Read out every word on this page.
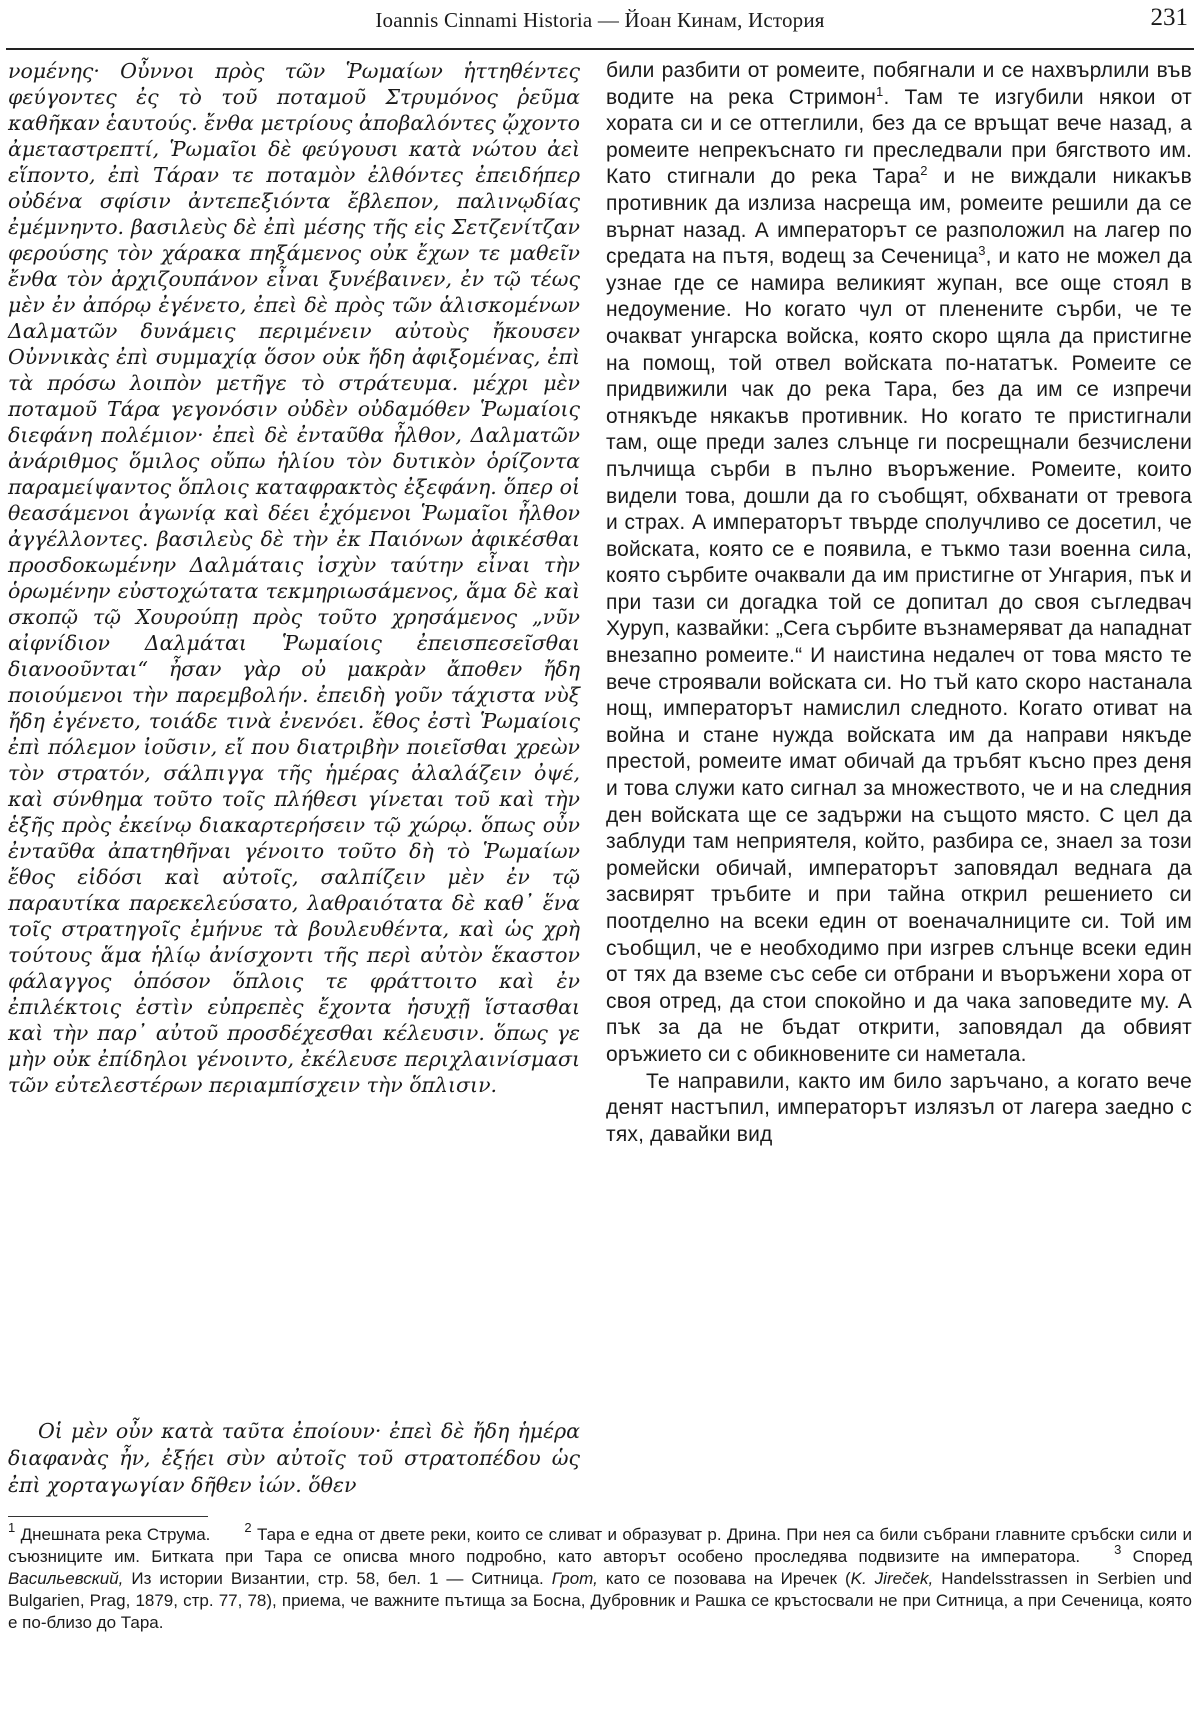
Ioannis Cinnami Historia — Йоан Кинам, История	231

νομένης· Οὖννοι πρὸς τῶν Ῥωμαίων ἡττηθέντες φεύγοντες ἐς τὸ τοῦ ποταμοῦ Στρυμόνος ῥεῦμα καθῆκαν ἑαυτούς. ἔνθα μετρίους ἀποβαλόντες ᾤχοντο ἀμεταστρεπτί, Ῥωμαῖοι δὲ φεύγουσι κατὰ νώτου ἀεὶ εἵποντο, ἐπὶ Τάραν τε ποταμὸν ἐλθόντες ἐπειδήπερ οὐδένα σφίσιν ἀντεπεξιόντα ἔβλεπον, παλινῳδίας ἐμέμνηντο. βασιλεὺς δὲ ἐπὶ μέσης τῆς εἰς Σετζενίτζαν φερούσης τὸν χάρακα πηξάμενος οὐκ ἔχων τε μαθεῖν ἔνθα τὸν ἀρχιζουπάνον εἶναι ξυνέβαινεν, ἐν τῷ τέως μὲν ἐν ἀπόρῳ ἐγένετο, ἐπεὶ δὲ πρὸς τῶν ἁλισκομένων Δαλματῶν δυνάμεις περιμένειν αὐτοὺς ἤκουσεν Οὐννικὰς ἐπὶ συμμαχίᾳ ὅσον οὐκ ἤδη ἀφιξομένας, ἐπὶ τὰ πρόσω λοιπὸν μετῆγε τὸ στράτευμα. μέχρι μὲν ποταμοῦ Τάρα γεγονόσιν οὐδὲν οὐδαμόθεν Ῥωμαίοις διεφάνη πολέμιον· ἐπεὶ δὲ ἐνταῦθα ἦλθον, Δαλματῶν ἀνάριθμος ὅμιλος οὔπω ἡλίου τὸν δυτικὸν ὁρίζοντα παραμείψαντος ὅπλοις καταφρακτὸς ἐξεφάνη. ὅπερ οἱ θεασάμενοι ἀγωνίᾳ καὶ δέει ἐχόμενοι Ῥωμαῖοι ἦλθον ἀγγέλλοντες. βασιλεὺς δὲ τὴν ἐκ Παιόνων ἀφικέσθαι προσδοκωμένην Δαλμάταις ἰσχὺν ταύτην εἶναι τὴν ὁρωμένην εὐστοχώτατα τεκμηριωσάμενος, ἅμα δὲ καὶ σκοπῷ τῷ Χουρούπῃ πρὸς τοῦτο χρησάμενος „νῦν αἰφνίδιον Δαλμάται Ῥωμαίοις ἐπεισπεσεῖσθαι διανοοῦνται“ ἦσαν γὰρ οὐ μακρὰν ἄποθεν ἤδη ποιούμενοι τὴν παρεμβολήν. ἐπειδὴ γοῦν τάχιστα νὺξ ἤδη ἐγένετο, τοιάδε τινὰ ἐνενόει. ἔθος ἐστὶ Ῥωμαίοις ἐπὶ πόλεμον ἰοῦσιν, εἴ που διατριβὴν ποιεῖσθαι χρεὼν τὸν στρατόν, σάλπιγγα τῆς ἡμέρας ἀλαλάζειν ὀψέ, καὶ σύνθημα τοῦτο τοῖς πλήθεσι γίνεται τοῦ καὶ τὴν ἑξῆς πρὸς ἐκείνῳ διακαρτερήσειν τῷ χώρῳ. ὅπως οὖν ἐνταῦθα ἀπατηθῆναι γένοιτο τοῦτο δὴ τὸ Ῥωμαίων ἔθος εἰδόσι καὶ αὐτοῖς, σαλπίζειν μὲν ἐν τῷ παραυτίκα παρεκελεύσατο, λαθραιότατα δὲ καθ᾿ ἕνα τοῖς στρατηγοῖς ἐμήνυε τὰ βουλευθέντα, καὶ ὡς χρὴ τούτους ἅμα ἡλίῳ ἀνίσχοντι τῆς περὶ αὐτὸν ἕκαστον φάλαγγος ὁπόσον ὅπλοις τε φράττοιτο καὶ ἐν ἐπιλέκτοις ἐστὶν εὐπρεπὲς ἔχοντα ἡσυχῇ ἵστασθαι καὶ τὴν παρ᾿ αὐτοῦ προσδέχεσθαι κέλευσιν. ὅπως γε μὴν οὐκ ἐπίδηλοι γένοιντο, ἐκέλευσε περιχλαινίσμασι τῶν εὐτελεστέρων περιαμπίσχειν τὴν ὅπλισιν.

Οἱ μὲν οὖν κατὰ ταῦτα ἐποίουν· ἐπεὶ δὲ ἤδη ἡμέρα διαφανὰς ἦν, ἐξῄει σὺν αὐτοῖς τοῦ στρατοπέδου ὡς ἐπὶ χορταγωγίαν δῆθεν ἰών. ὅθεν

били разбити от ромеите, побягнали и се нахвърлили във водите на река Стримон$^1$. Там те изгубили някои от хората си и се оттеглили, без да се връщат вече назад, а ромеите непрекъснато ги преследвали при бягството им. Като стигнали до река Тара$^2$ и не виждали никакъв противник да излиза насреща им, ромеите решили да се върнат назад. А императорът се разположил на лагер по средата на пътя, водещ за Сеченица$^3$, и като не можел да узнае где се намира великият жупан, все още стоял в недоумение. Но когато чул от пленените сърби, че те очакват унгарска войска, която скоро щяла да пристигне на помощ, той отвел войската по-нататък. Ромеите се придвижили чак до река Тара, без да им се изпречи отнякъде някакъв противник. Но когато те пристигнали там, още преди залез слънце ги посрещнали безчислени пълчища сърби в пълно въоръжение. Ромеите, които видели това, дошли да го съобщят, обхванати от тревога и страх. А императорът твърде сполучливо се досетил, че войската, която се е появила, е тъкмо тази военна сила, която сърбите очаквали да им пристигне от Унгария, пък и при тази си догадка той се допитал до своя съгледвач Хуруп, казвайки: „Сега сърбите възнамеряват да нападнат внезапно ромеите.“ И наистина недалеч от това място те вече строявали войската си. Но тъй като скоро настанала нощ, императорът намислил следното. Когато отиват на война и стане нужда войската им да направи някъде престой, ромеите имат обичай да тръбят късно през деня и това служи като сигнал за множеството, че и на следния ден войската ще се задържи на същото място. С цел да заблуди там неприятеля, който, разбира се, знаел за този ромейски обичай, императорът заповядал веднага да засвирят тръбите и при тайна открил решението си поотделно на всеки един от военачалниците си. Той им съобщил, че е необходимо при изгрев слънце всеки един от тях да вземе със себе си отбрани и въоръжени хора от своя отред, да стои спокойно и да чака заповедите му. А пък за да не бъдат открити, заповядал да обвият оръжието си с обикновените си наметала.

Те направили, както им било заръчано, а когато вече денят настъпил, императорът излязъл от лагера заедно с тях, давайки вид

$^1$ Днешната река Струма.	$^2$ Тара е една от двете реки, които се сливат и образуват р. Дрина. При нея са били събрани главните сръбски сили и съюзниците им. Битката при Тара се описва много подробно, като авторът особено проследява подвизите на императора.	$^3$ Според Васильевский, Из истории Византии, стр. 58, бел. 1 — Ситница. Грот, като се позовава на Иречек (K. Jireček, Handelsstrassen in Serbien und Bulgarien, Prag, 1879, стр. 77, 78), приема, че важните пътища за Босна, Дубровник и Рашка се кръстосвали не при Ситница, а при Сеченица, която е по-близо до Тара.
